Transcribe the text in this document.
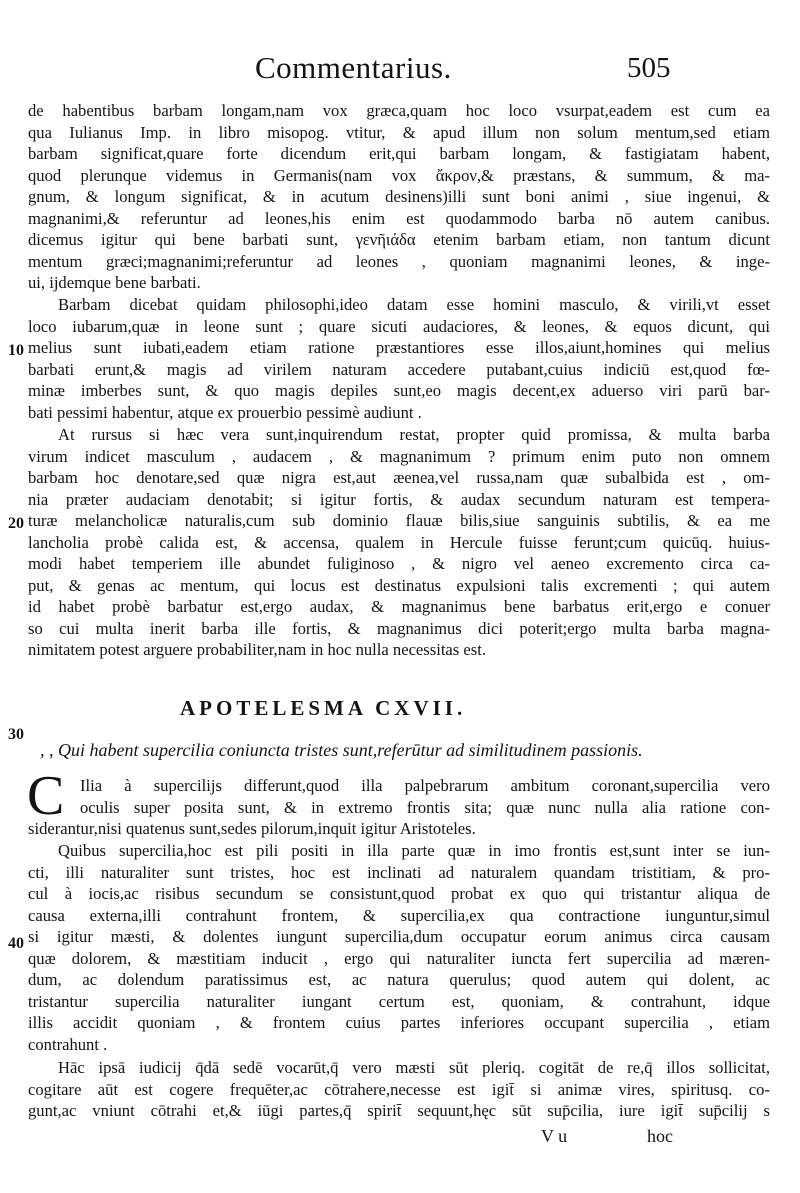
Commentarius.	505
de habentibus barbam longam,nam vox græca,quam hoc loco vsurpat,eadem est cum ea
qua Iulianus Imp. in libro misopog. vtitur, & apud illum non solum mentum,sed etiam
barbam significat,quare forte dicendum erit,qui barbam longam, & fastigiatam habent,
quod plerunque videmus in Germanis(nam vox ἄκρον,& præstans, & summum, & ma-
gnum, & longum significat, & in acutum desinens)illi sunt boni animi , siue ingenui, &
magnanimi,& referuntur ad leones,his enim est quodammodo barba nō autem canibus.
dicemus igitur qui bene barbati sunt, γενῆιάδα etenim barbam etiam, non tantum dicunt
mentum græci;magnanimi;referuntur ad leones , quoniam magnanimi leones, & inge-
ui, ijdemque bene barbati.
Barbam dicebat quidam philosophi,ideo datam esse homini masculo, & virili,vt esset
loco iubarum,quæ in leone sunt ; quare sicuti audaciores, & leones, & equos dicunt, qui
melius sunt iubati,eadem etiam ratione præstantiores esse illos,aiunt,homines qui melius
barbati erunt,& magis ad virilem naturam accedere putabant,cuius indiciū est,quod fœ-
minæ imberbes sunt, & quo magis depiles sunt,eo magis decent,ex aduerso viri parū bar-
bati pessimi habentur, atque ex prouerbio pessimè audiunt .
At rursus si hæc vera sunt,inquirendum restat, propter quid promissa, & multa barba
virum indicet masculum , audacem , & magnanimum ? primum enim puto non omnem
barbam hoc denotare,sed quæ nigra est,aut æenea,vel russa,nam quæ subalbida est , om-
nia præter audaciam denotabit; si igitur fortis, & audax secundum naturam est tempera-
turæ melancholicæ naturalis,cum sub dominio flauæ bilis,siue sanguinis subtilis, & ea me
lancholia probè calida est, & accensa, qualem in Hercule fuisse ferunt;cum quicūq. huius-
modi habet temperiem ille abundet fuliginoso , & nigro vel aeneo excremento circa ca-
put, & genas ac mentum, qui locus est destinatus expulsioni talis excrementi ; qui autem
id habet probè barbatur est,ergo audax, & magnanimus bene barbatus erit,ergo e conuer
so cui multa inerit barba ille fortis, & magnanimus dici poterit;ergo multa barba magna-
nimitatem potest arguere probabiliter,nam in hoc nulla necessitas est.
APOTELESMA CXVII.
, , Qui habent supercilia coniuncta tristes sunt,referūtur ad similitudinem passionis.
C Ilia à supercilijs differunt,quod illa palpebrarum ambitum coronant,supercilia vero
oculis super posita sunt, & in extremo frontis sita; quæ nunc nulla alia ratione con-
siderantur,nisi quatenus sunt,sedes pilorum,inquit igitur Aristoteles.
Quibus supercilia,hoc est pili positi in illa parte quæ in imo frontis est,sunt inter se iun-
cti, illi naturaliter sunt tristes, hoc est inclinati ad naturalem quandam tristitiam, & pro-
cul à iocis,ac risibus secundum se consistunt,quod probat ex quo qui tristantur aliqua de
causa externa,illi contrahunt frontem, & supercilia,ex qua contractione iunguntur,simul
si igitur mæsti, & dolentes iungunt supercilia,dum occupatur eorum animus circa causam
quæ dolorem, & mæstitiam inducit , ergo qui naturaliter iuncta fert supercilia ad mæren-
dum, ac dolendum paratissimus est, ac natura querulus; quod autem qui dolent, ac
tristantur supercilia naturaliter iungant certum est, quoniam, & contrahunt, idque
illis accidit quoniam , & frontem cuius partes inferiores occupant supercilia , etiam
contrahunt .
Hāc ipsā iudicij q̄dā sedē vocarūt,q̄ vero mæsti sūt pleriq. cogitāt de re,q̄ illos sollicitat,
cogitare aūt est cogere frequēter,ac cōtrahere,necesse est igit̄ si animæ vires, spiritusq. co-
gunt,ac vniunt cōtrahi et,& iūgi partes,q̄ spirit̄ sequunt,hęc sūt sup̄cilia, iure igit̄ sup̄cilij s
10
20
30
40
V u	hoc
